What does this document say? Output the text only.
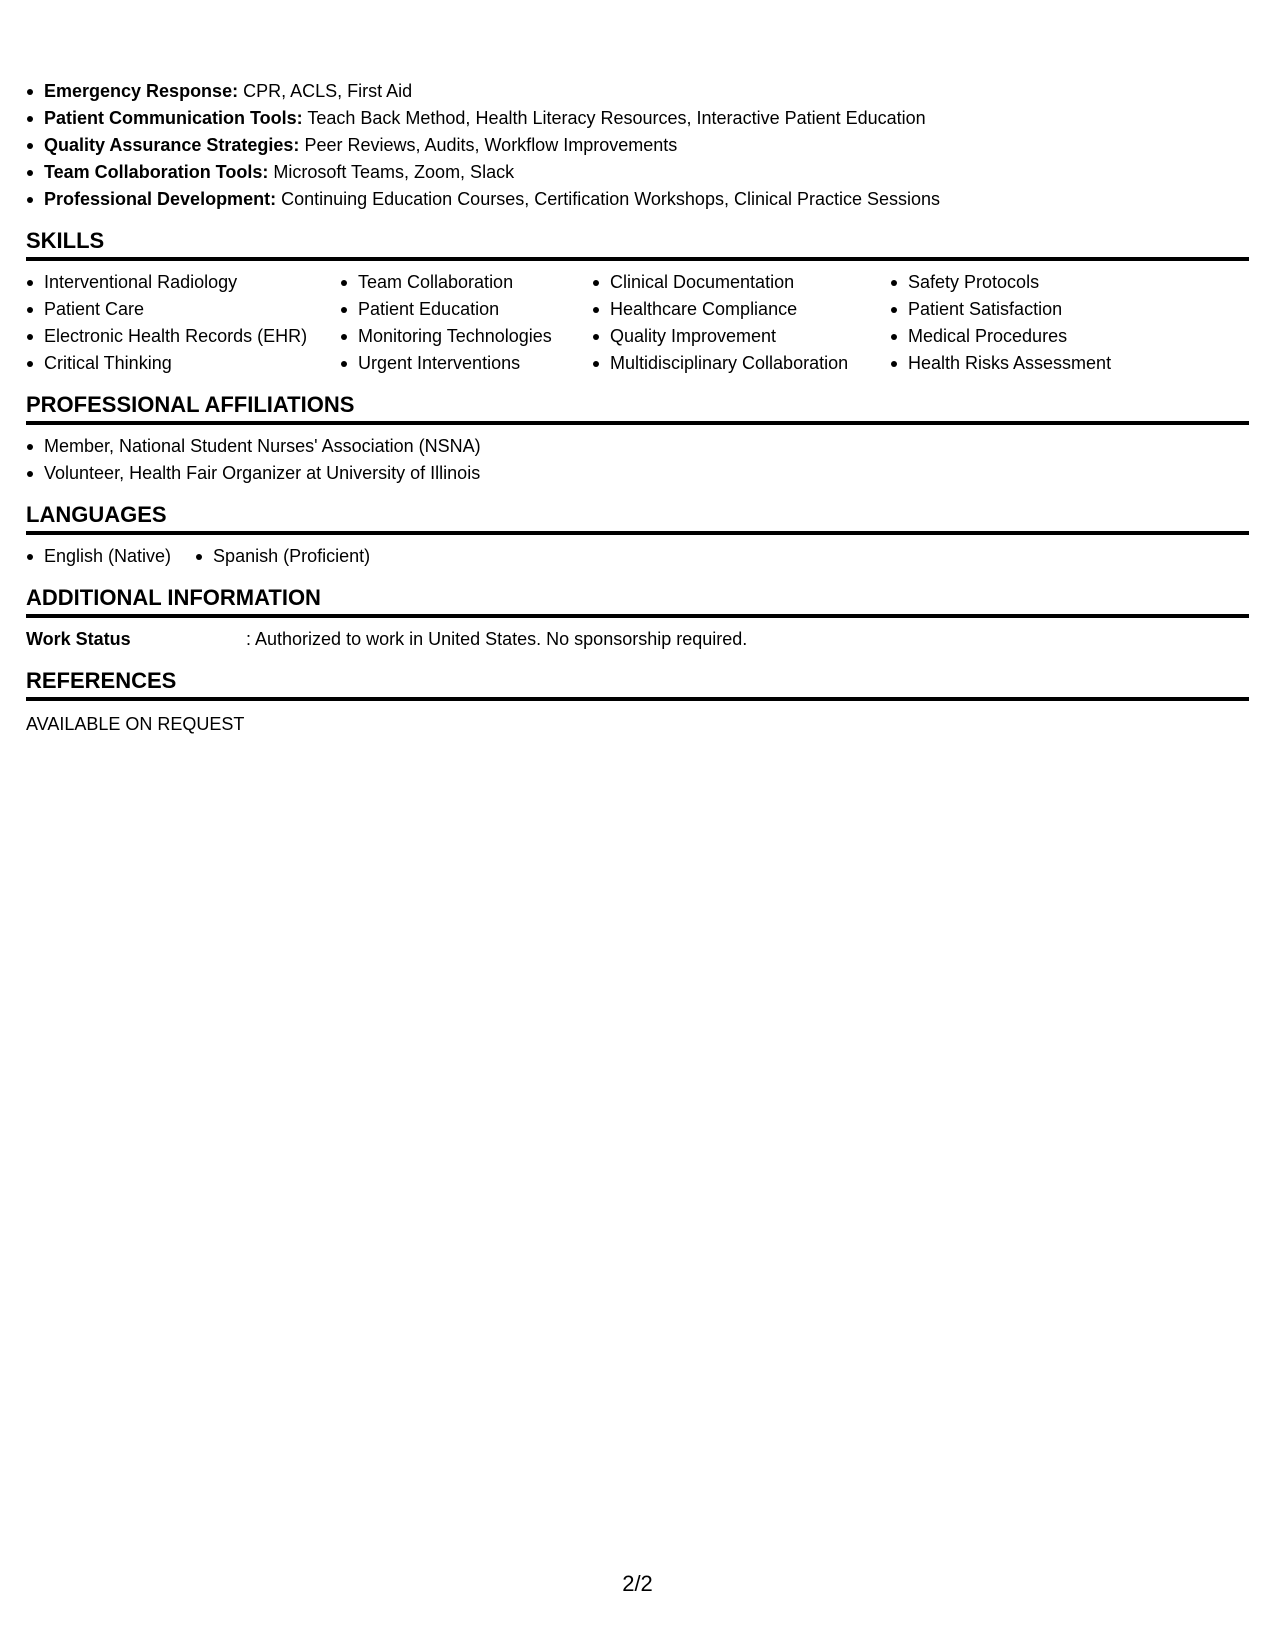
Emergency Response: CPR, ACLS, First Aid
Patient Communication Tools: Teach Back Method, Health Literacy Resources, Interactive Patient Education
Quality Assurance Strategies: Peer Reviews, Audits, Workflow Improvements
Team Collaboration Tools: Microsoft Teams, Zoom, Slack
Professional Development: Continuing Education Courses, Certification Workshops, Clinical Practice Sessions
SKILLS
Interventional Radiology
Patient Care
Electronic Health Records (EHR)
Critical Thinking
Team Collaboration
Patient Education
Monitoring Technologies
Urgent Interventions
Clinical Documentation
Healthcare Compliance
Quality Improvement
Multidisciplinary Collaboration
Safety Protocols
Patient Satisfaction
Medical Procedures
Health Risks Assessment
PROFESSIONAL AFFILIATIONS
Member, National Student Nurses' Association (NSNA)
Volunteer, Health Fair Organizer at University of Illinois
LANGUAGES
English (Native)	Spanish (Proficient)
ADDITIONAL INFORMATION
Work Status	: Authorized to work in United States. No sponsorship required.
REFERENCES
AVAILABLE ON REQUEST
2/2
